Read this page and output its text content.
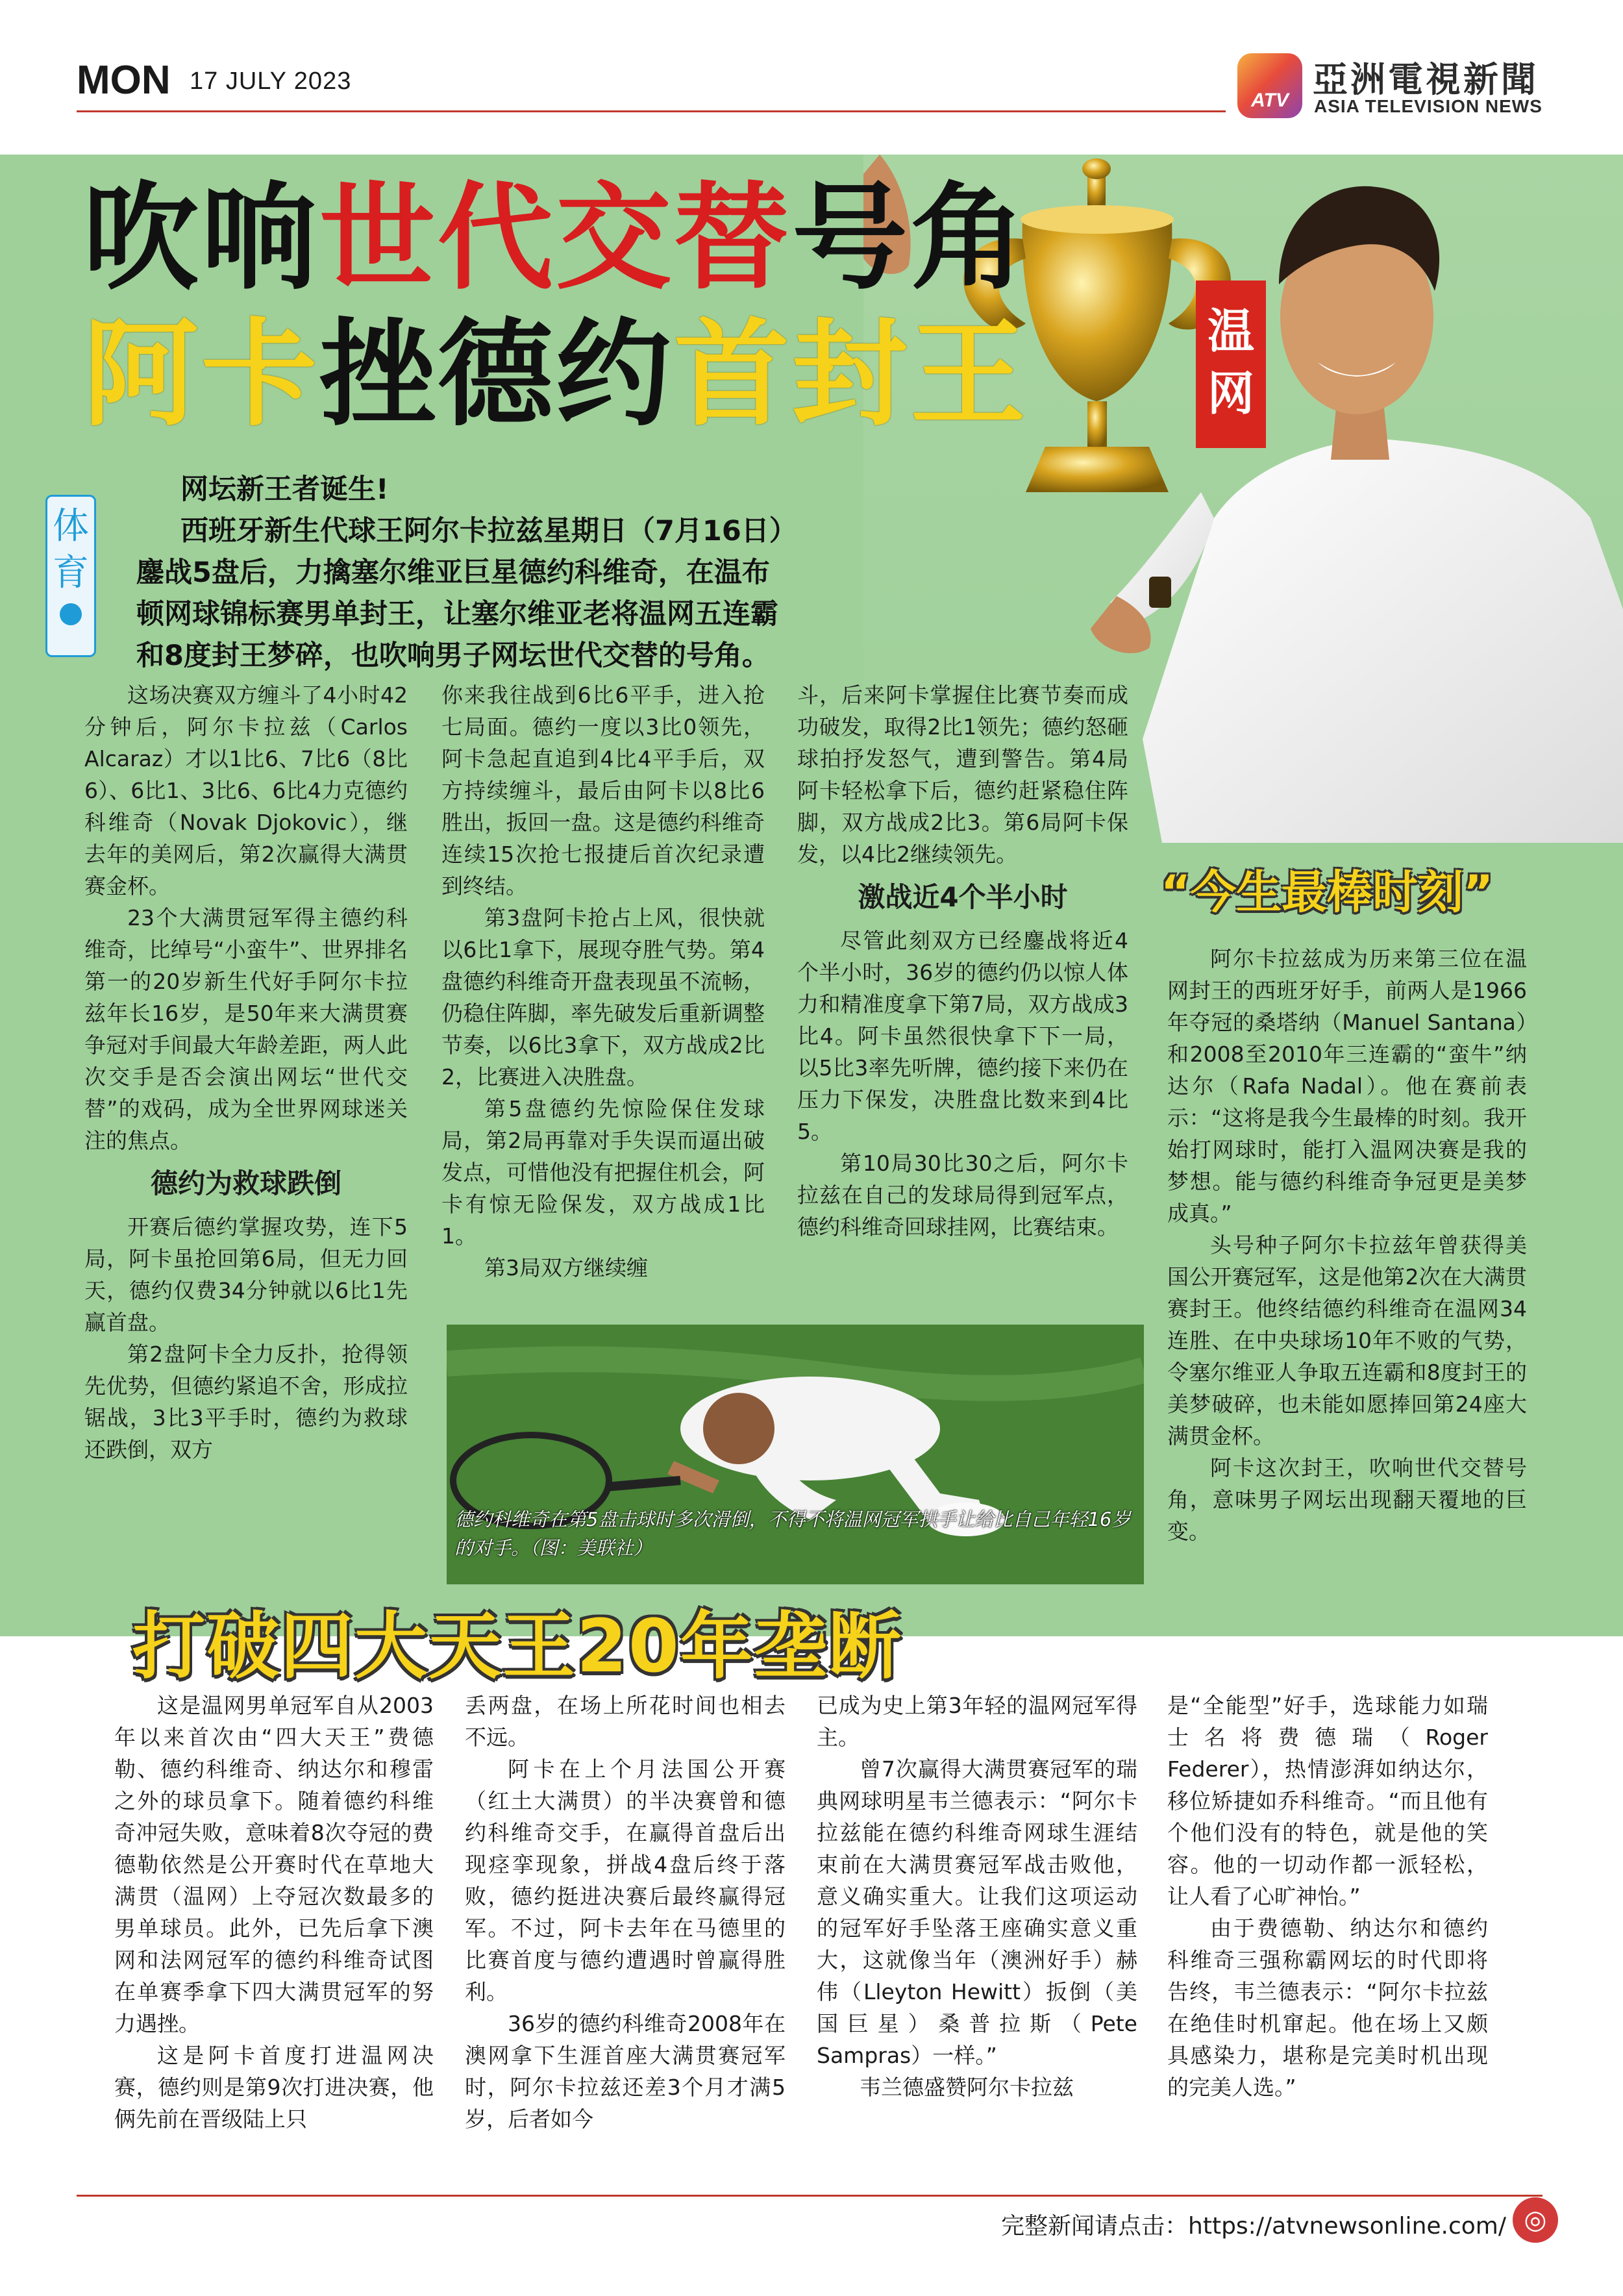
MON 17 JULY 2023
ATV
亞洲電視新聞
ASIA TELEVISION NEWS
吹响世代交替号角
阿卡挫德约首封王	温
网
体
育
网坛新王者诞生!
西班牙新生代球王阿尔卡拉兹星期日（7月16日）
鏖战5盘后，力擒塞尔维亚巨星德约科维奇，在温布
顿网球锦标赛男单封王，让塞尔维亚老将温网五连霸
和8度封王梦碎，也吹响男子网坛世代交替的号角。

这场决赛双方缠斗了4小时42分钟后，阿尔卡拉兹（Carlos Alcaraz）才以1比6、7比6（8比6）、6比1、3比6、6比4力克德约科维奇（Novak Djokovic），继去年的美网后，第2次赢得大满贯赛金杯。

23个大满贯冠军得主德约科维奇，比绰号“小蛮牛”、世界排名第一的20岁新生代好手阿尔卡拉兹年长16岁，是50年来大满贯赛争冠对手间最大年龄差距，两人此次交手是否会演出网坛“世代交替”的戏码，成为全世界网球迷关注的焦点。

德约为救球跌倒

开赛后德约掌握攻势，连下5局，阿卡虽抢回第6局，但无力回天，德约仅费34分钟就以6比1先赢首盘。

第2盘阿卡全力反扑，抢得领先优势，但德约紧追不舍，形成拉锯战，3比3平手时，德约为救球还跌倒，双方

你来我往战到6比6平手，进入抢七局面。德约一度以3比0领先，阿卡急起直追到4比4平手后，双方持续缠斗，最后由阿卡以8比6胜出，扳回一盘。这是德约科维奇连续15次抢七报捷后首次纪录遭到终结。

第3盘阿卡抢占上风，很快就以6比1拿下，展现夺胜气势。第4盘德约科维奇开盘表现虽不流畅，仍稳住阵脚，率先破发后重新调整节奏，以6比3拿下，双方战成2比2，比赛进入决胜盘。

第5盘德约先惊险保住发球局，第2局再靠对手失误而逼出破发点，可惜他没有把握住机会，阿卡有惊无险保发，双方战成1比1。

第3局双方继续缠

斗，后来阿卡掌握住比赛节奏而成功破发，取得2比1领先；德约怒砸球拍抒发怒气，遭到警告。第4局阿卡轻松拿下后，德约赶紧稳住阵脚，双方战成2比3。第6局阿卡保发，以4比2继续领先。

激战近4个半小时

尽管此刻双方已经鏖战将近4个半小时，36岁的德约仍以惊人体力和精准度拿下第7局，双方战成3比4。阿卡虽然很快拿下下一局，以5比3率先听牌，德约接下来仍在压力下保发，决胜盘比数来到4比5。

第10局30比30之后，阿尔卡拉兹在自己的发球局得到冠军点，德约科维奇回球挂网，比赛结束。

“今生最棒时刻”

阿尔卡拉兹成为历来第三位在温网封王的西班牙好手，前两人是1966年夺冠的桑塔纳（Manuel Santana）和2008至2010年三连霸的“蛮牛”纳达尔（Rafa Nadal）。他在赛前表示：“这将是我今生最棒的时刻。我开始打网球时，能打入温网决赛是我的梦想。能与德约科维奇争冠更是美梦成真。”

头号种子阿尔卡拉兹年曾获得美国公开赛冠军，这是他第2次在大满贯赛封王。他终结德约科维奇在温网34连胜、在中央球场10年不败的气势，令塞尔维亚人争取五连霸和8度封王的美梦破碎，也未能如愿捧回第24座大满贯金杯。

阿卡这次封王，吹响世代交替号角，意味男子网坛出现翻天覆地的巨变。

德约科维奇在第5盘击球时多次滑倒，不得不将温网冠军拱手让给比自己年轻16岁的对手。（图：美联社）
打破四大天王20年垄断

这是温网男单冠军自从2003年以来首次由“四大天王”费德勒、德约科维奇、纳达尔和穆雷之外的球员拿下。随着德约科维奇冲冠失败，意味着8次夺冠的费德勒依然是公开赛时代在草地大满贯（温网）上夺冠次数最多的男单球员。此外，已先后拿下澳网和法网冠军的德约科维奇试图在单赛季拿下四大满贯冠军的努力遇挫。

这是阿卡首度打进温网决赛，德约则是第9次打进决赛，他俩先前在晋级陆上只

丢两盘，在场上所花时间也相去不远。

阿卡在上个月法国公开赛（红土大满贯）的半决赛曾和德约科维奇交手，在赢得首盘后出现痉挛现象，拼战4盘后终于落败，德约挺进决赛后最终赢得冠军。不过，阿卡去年在马德里的比赛首度与德约遭遇时曾赢得胜利。

36岁的德约科维奇2008年在澳网拿下生涯首座大满贯赛冠军时，阿尔卡拉兹还差3个月才满5岁，后者如今

已成为史上第3年轻的温网冠军得主。

曾7次赢得大满贯赛冠军的瑞典网球明星韦兰德表示：“阿尔卡拉兹能在德约科维奇网球生涯结束前在大满贯赛冠军战击败他，意义确实重大。让我们这项运动的冠军好手坠落王座确实意义重大，这就像当年（澳洲好手）赫伟（Lleyton Hewitt）扳倒（美国巨星）桑普拉斯（Pete Sampras）一样。”

韦兰德盛赞阿尔卡拉兹

是“全能型”好手，选球能力如瑞士名将费德瑞（Roger Federer），热情澎湃如纳达尔，移位矫捷如乔科维奇。“而且他有个他们没有的特色，就是他的笑容。他的一切动作都一派轻松，让人看了心旷神怡。”

由于费德勒、纳达尔和德约科维奇三强称霸网坛的时代即将告终，韦兰德表示：“阿尔卡拉兹在绝佳时机窜起。他在场上又颇具感染力，堪称是完美时机出现的完美人选。”

完整新闻请点击：https://atvnewsonline.com/ ◎
